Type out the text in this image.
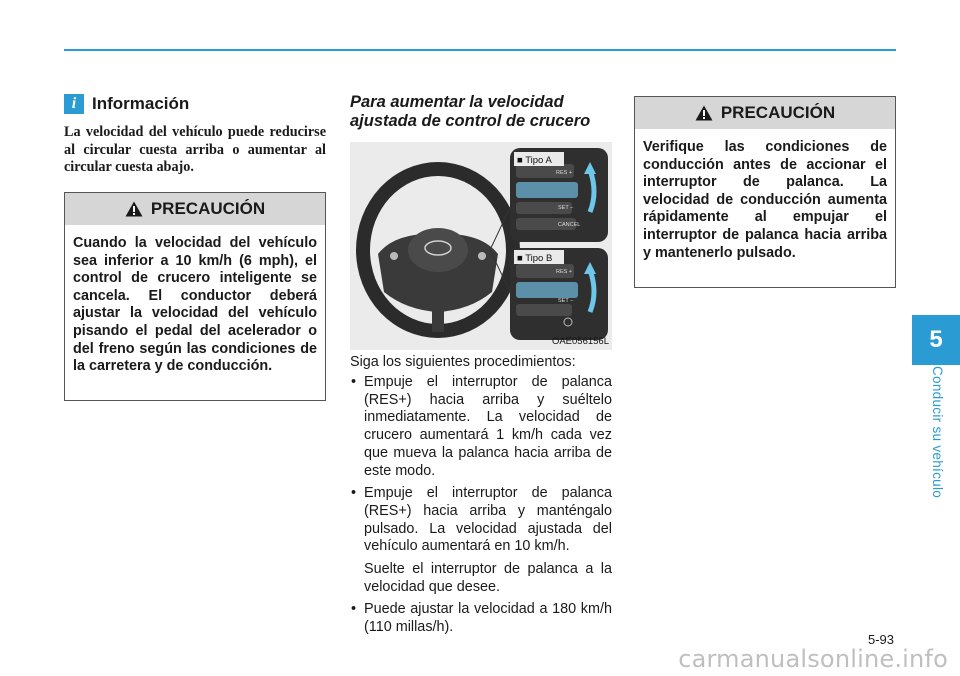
i Información
La velocidad del vehículo puede reducirse al circular cuesta arriba o aumentar al circular cuesta abajo.
PRECAUCIÓN
Cuando la velocidad del vehículo sea inferior a 10 km/h (6 mph), el control de crucero inteligente se cancela. El conductor deberá ajustar la velocidad del vehículo pisando el pedal del acelerador o del freno según las condiciones de la carretera y de conducción.
Para aumentar la velocidad ajustada de control de crucero
RES +
SET −
CANCEL
RES +
SET −
■ Tipo A
■ Tipo B
OAE056156L
Siga los siguientes procedimientos:
• Empuje el interruptor de palanca (RES+) hacia arriba y suéltelo inmediatamente. La velocidad de crucero aumentará 1 km/h cada vez que mueva la palanca hacia arriba de este modo.
• Empuje el interruptor de palanca (RES+) hacia arriba y manténgalo pulsado. La velocidad ajustada del vehículo aumentará en 10 km/h.
Suelte el interruptor de palanca a la velocidad que desee.
• Puede ajustar la velocidad a 180 km/h (110 millas/h).
PRECAUCIÓN
Verifique las condiciones de conducción antes de accionar el interruptor de palanca. La velocidad de conducción aumenta rápidamente al empujar el interruptor de palanca hacia arriba y mantenerlo pulsado.
5
Conducir su vehículo
5-93
carmanualsonline.info
